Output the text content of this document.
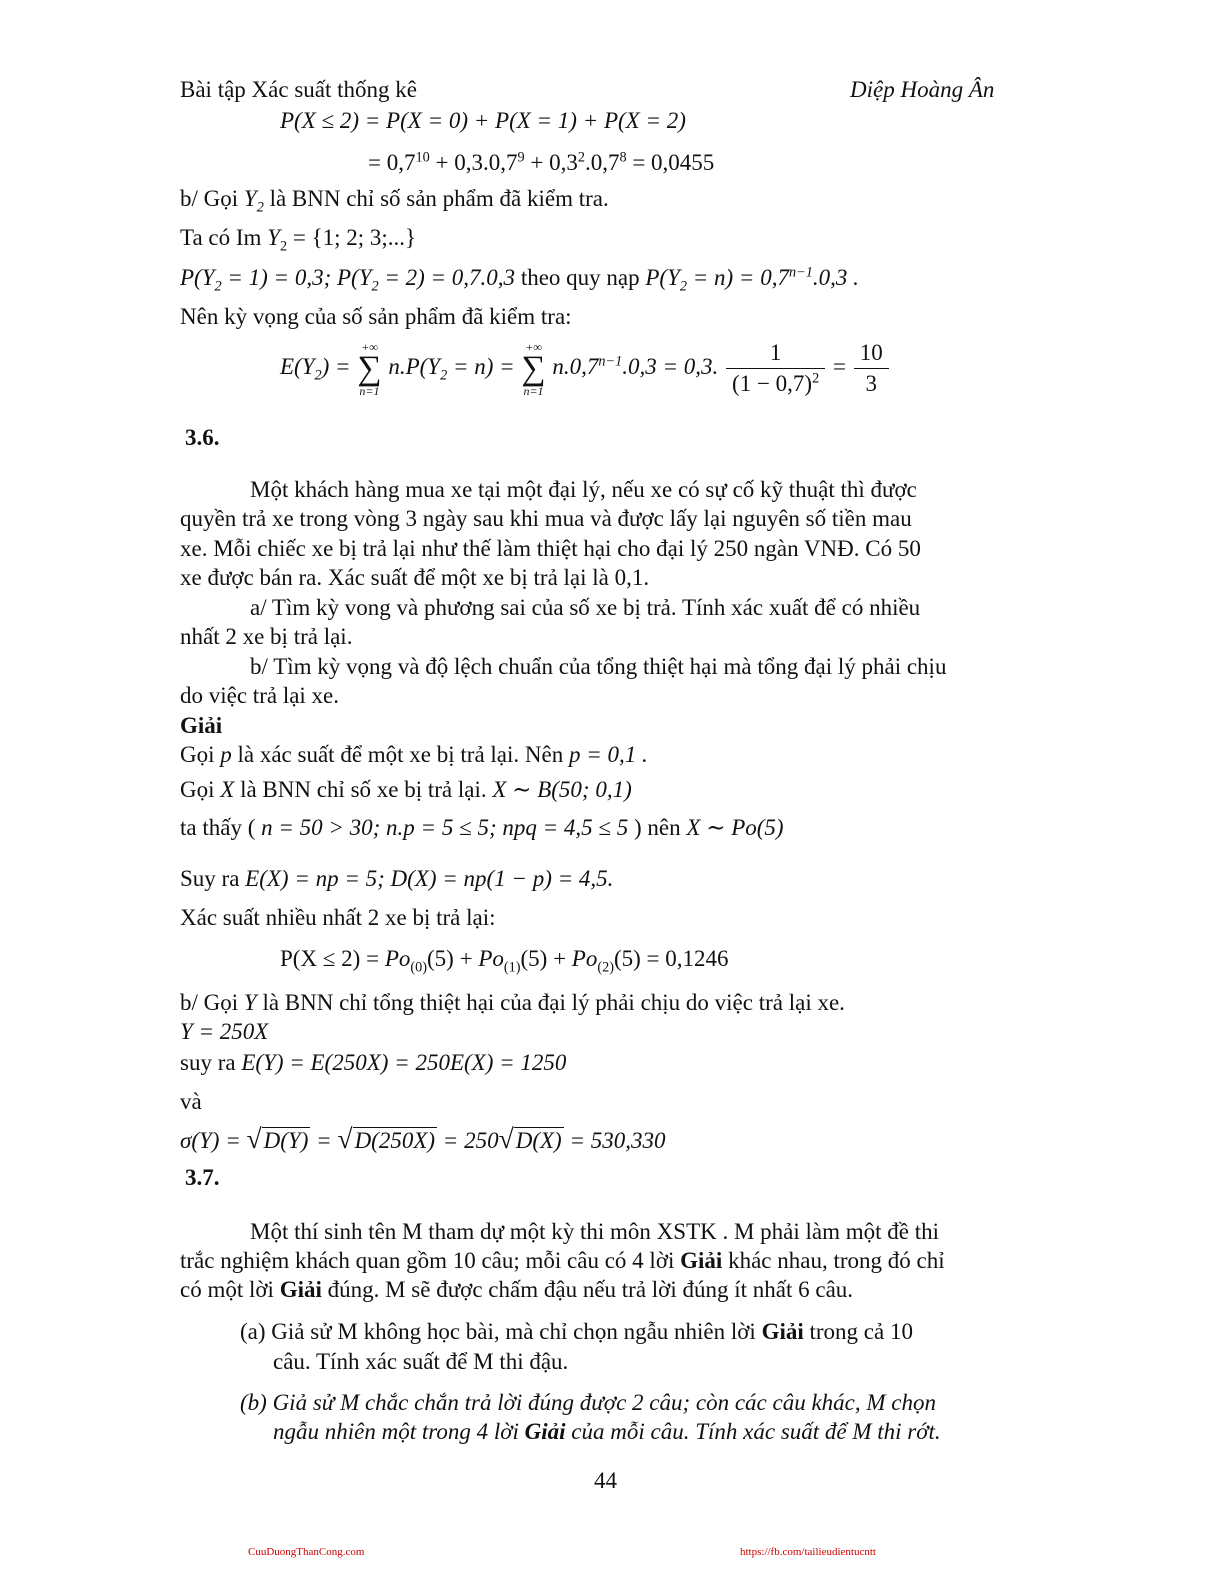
Bài tập Xác suất thống kê	Diệp Hoàng Ân
P(X ≤ 2) = P(X = 0) + P(X = 1) + P(X = 2)
= $0,7^{10} + 0,3.0,7^9 + 0,3^2.0,7^8 = 0,0455$
b/ Gọi $Y_2$ là BNN chỉ số sản phẩm đã kiểm tra.
Ta có Im $Y_2 = \{1$; 2; 3;...}
$P(Y_2 = 1) = 0,3$; $P(Y_2 = 2) = 0,7.0,3$ theo quy nạp $P(Y_2 = n) = 0,7^{n-1}.0,3$ .
Nên kỳ vọng của số sản phẩm đã kiểm tra:
$E(Y_2)$ =
+∞
∑
n=1
$n.P(Y_2 = n)$ =
+∞
∑
n=1
$n.0,7^{n-1}.0,3 = 0,3$. $\frac{1}{(1 - 0,7)^2} = \frac{10}{3}$
3.6.
Một khách hàng mua xe tại một đại lý, nếu xe có sự cố kỹ thuật thì được
quyền trả xe trong vòng 3 ngày sau khi mua và được lấy lại nguyên số tiền mau
xe. Mỗi chiếc xe bị trả lại như thế làm thiệt hại cho đại lý 250 ngàn VNĐ. Có 50
xe được bán ra. Xác suất để một xe bị trả lại là 0,1.
a/ Tìm kỳ vong và phương sai của số xe bị trả. Tính xác xuất để có nhiều
nhất 2 xe bị trả lại.
b/ Tìm kỳ vọng và độ lệch chuẩn của tổng thiệt hại mà tổng đại lý phải chịu
do việc trả lại xe.
Giải
Gọi p là xác suất để một xe bị trả lại. Nên p = 0,1 .
Gọi X là BNN chỉ số xe bị trả lại. X ∼ B(50; 0,1)
ta thấy ( n = 50 > 30; n.p = 5 ≤ 5; npq = 4,5 ≤ 5 ) nên X ∼ Po(5)
Suy ra E(X) = np = 5; D(X) = np(1 − p) = 4,5.
Xác suất nhiều nhất 2 xe bị trả lại:
$P(X \le 2) = Po_{(0)}(5) + Po_{(1)}(5) + Po_{(2)}(5) = 0,1246$
b/ Gọi Y là BNN chỉ tổng thiệt hại của đại lý phải chịu do việc trả lại xe.
Y = 250X
suy ra E(Y) = E(250X) = 250E(X) = 1250
và
σ(Y) = √D(Y) = √D(250X) = 250√D(X) = 530,330
3.7.
Một thí sinh tên M tham dự một kỳ thi môn XSTK . M phải làm một đề thi
trắc nghiệm khách quan gồm 10 câu; mỗi câu có 4 lời Giải khác nhau, trong đó chỉ
có một lời Giải đúng. M sẽ được chấm đậu nếu trả lời đúng ít nhất 6 câu.
(a) Giả sử M không học bài, mà chỉ chọn ngẫu nhiên lời Giải trong cả 10
câu. Tính xác suất để M thi đậu.
(b) Giả sử M chắc chắn trả lời đúng được 2 câu; còn các câu khác, M chọn
ngẫu nhiên một trong 4 lời Giải của mỗi câu. Tính xác suất để M thi rớt.
44
CuuDuongThanCong.com	https://fb.com/tailieudientucntt
